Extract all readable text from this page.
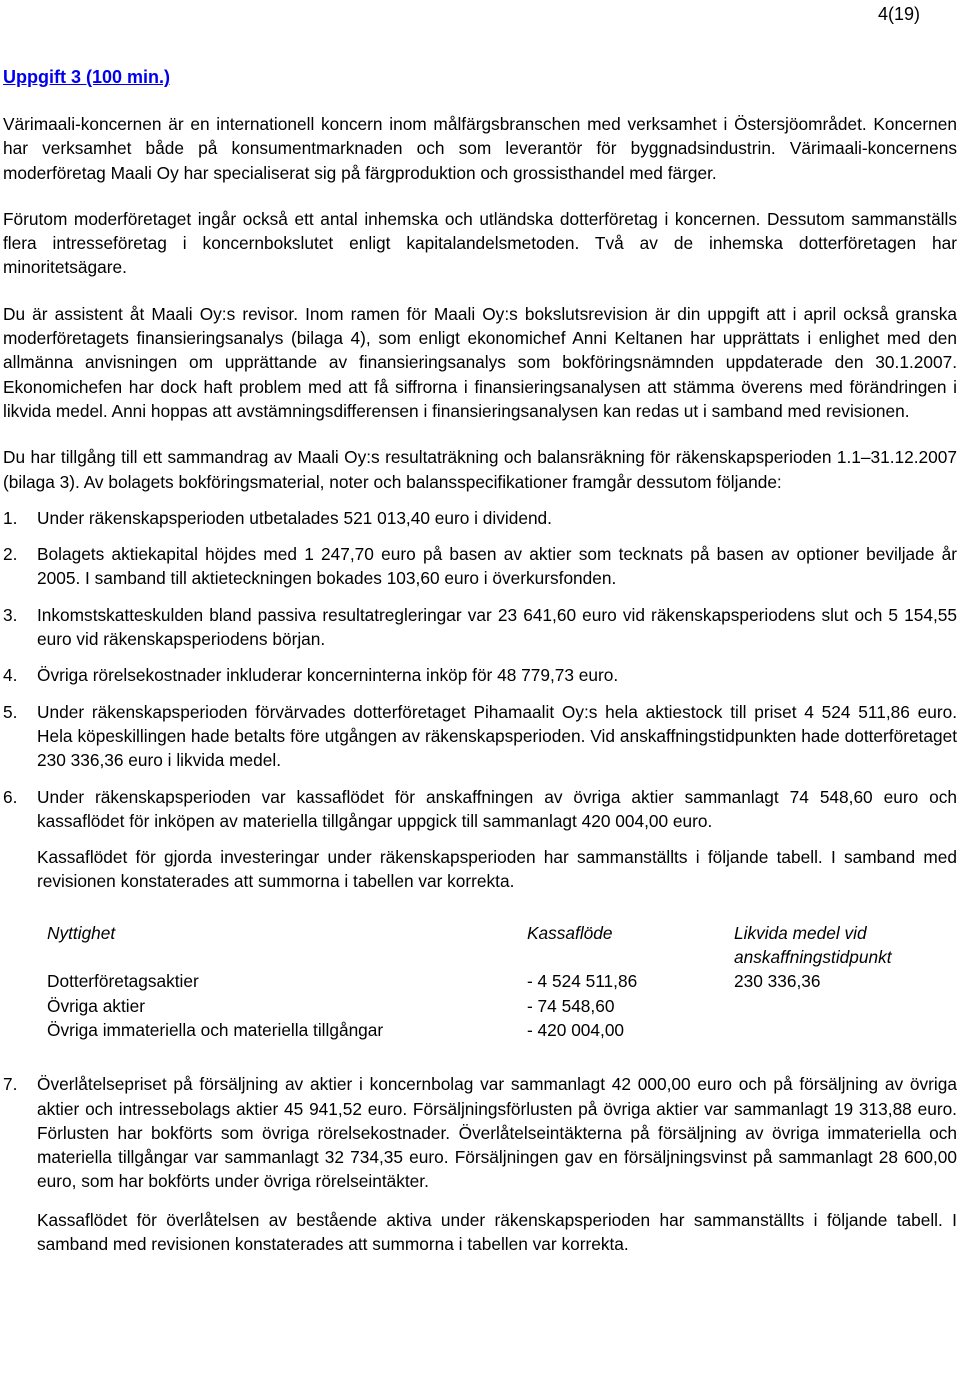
4(19)
Uppgift 3 (100 min.)

Värimaali-koncernen är en internationell koncern inom målfärgsbranschen med verksamhet i Östersjöområdet. Koncernen har verksamhet både på konsumentmarknaden och som leverantör för byggnadsindustrin. Värimaali-koncernens moderföretag Maali Oy har specialiserat sig på färgproduktion och grossisthandel med färger.

Förutom moderföretaget ingår också ett antal inhemska och utländska dotterföretag i koncernen. Dessutom sammanställs flera intresseföretag i koncernbokslutet enligt kapitalandelsmetoden. Två av de inhemska dotterföretagen har minoritetsägare.

Du är assistent åt Maali Oy:s revisor. Inom ramen för Maali Oy:s bokslutsrevision är din uppgift att i april också granska moderföretagets finansieringsanalys (bilaga 4), som enligt ekonomichef Anni Keltanen har upprättats i enlighet med den allmänna anvisningen om upprättande av finansieringsanalys som bokföringsnämnden uppdaterade den 30.1.2007. Ekonomichefen har dock haft problem med att få siffrorna i finansieringsanalysen att stämma överens med förändringen i likvida medel. Anni hoppas att avstämningsdifferensen i finansieringsanalysen kan redas ut i samband med revisionen.

Du har tillgång till ett sammandrag av Maali Oy:s resultaträkning och balansräkning för räkenskapsperioden 1.1–31.12.2007 (bilaga 3). Av bolagets bokföringsmaterial, noter och balansspecifikationer framgår dessutom följande:

1.	Under räkenskapsperioden utbetalades 521 013,40 euro i dividend.
2.	Bolagets aktiekapital höjdes med 1 247,70 euro på basen av aktier som tecknats på basen av optioner beviljade år 2005. I samband till aktieteckningen bokades 103,60 euro i överkursfonden.
3.	Inkomstskatteskulden bland passiva resultatregleringar var 23 641,60 euro vid räkenskapsperiodens slut och 5 154,55 euro vid räkenskapsperiodens början.
4.	Övriga rörelsekostnader inkluderar koncerninterna inköp för 48 779,73 euro.
5.	Under räkenskapsperioden förvärvades dotterföretaget Pihamaalit Oy:s hela aktiestock till priset 4 524 511,86 euro. Hela köpeskillingen hade betalts före utgången av räkenskapsperioden. Vid anskaffningstidpunkten hade dotterföretaget 230 336,36 euro i likvida medel.
6.	Under räkenskapsperioden var kassaflödet för anskaffningen av övriga aktier sammanlagt 74 548,60 euro och kassaflödet för inköpen av materiella tillgångar uppgick till sammanlagt 420 004,00 euro.

Kassaflödet för gjorda investeringar under räkenskapsperioden har sammanställts i följande tabell. I samband med revisionen konstaterades att summorna i tabellen var korrekta.

Nyttighet	Kassaflöde	Likvida medel vid anskaffningstidpunkt
Dotterföretagsaktier	- 4 524 511,86	230 336,36
Övriga aktier	- 74 548,60
Övriga immateriella och materiella tillgångar	- 420 004,00
7.	Överlåtelsepriset på försäljning av aktier i koncernbolag var sammanlagt 42 000,00 euro och på försäljning av övriga aktier och intressebolags aktier 45 941,52 euro. Försäljningsförlusten på övriga aktier var sammanlagt 19 313,88 euro. Förlusten har bokförts som övriga rörelsekostnader. Överlåtelseintäkterna på försäljning av övriga immateriella och materiella tillgångar var sammanlagt 32 734,35 euro. Försäljningen gav en försäljningsvinst på sammanlagt 28 600,00 euro, som har bokförts under övriga rörelseintäkter.

Kassaflödet för överlåtelsen av bestående aktiva under räkenskapsperioden har sammanställts i följande tabell. I samband med revisionen konstaterades att summorna i tabellen var korrekta.
